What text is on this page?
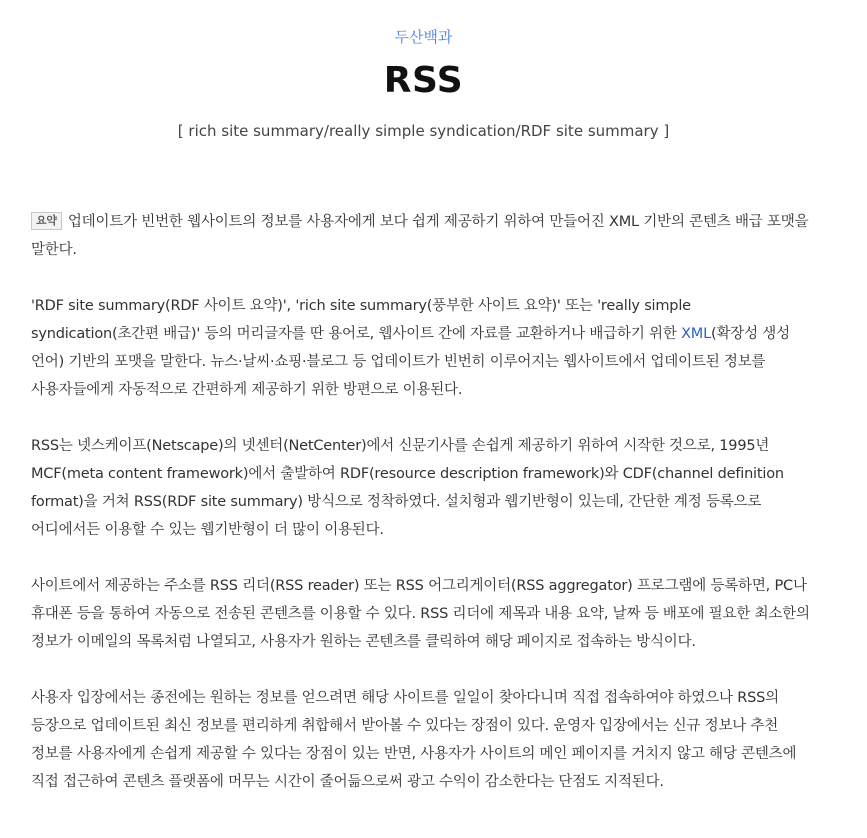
두산백과
RSS
[ rich site summary/really simple syndication/RDF site summary ]

요약 업데이트가 빈번한 웹사이트의 정보를 사용자에게 보다 쉽게 제공하기 위하여 만들어진 XML 기반의 콘텐츠 배급 포맷을 말한다.

'RDF site summary(RDF 사이트 요약)', 'rich site summary(풍부한 사이트 요약)' 또는 'really simple syndication(초간편 배급)' 등의 머리글자를 딴 용어로, 웹사이트 간에 자료를 교환하거나 배급하기 위한 XML(확장성 생성 언어) 기반의 포맷을 말한다. 뉴스·날씨·쇼핑·블로그 등 업데이트가 빈번히 이루어지는 웹사이트에서 업데이트된 정보를 사용자들에게 자동적으로 간편하게 제공하기 위한 방편으로 이용된다.

RSS는 넷스케이프(Netscape)의 넷센터(NetCenter)에서 신문기사를 손쉽게 제공하기 위하여 시작한 것으로, 1995년 MCF(meta content framework)에서 출발하여 RDF(resource description framework)와 CDF(channel definition format)을 거쳐 RSS(RDF site summary) 방식으로 정착하였다. 설치형과 웹기반형이 있는데, 간단한 계정 등록으로 어디에서든 이용할 수 있는 웹기반형이 더 많이 이용된다.

사이트에서 제공하는 주소를 RSS 리더(RSS reader) 또는 RSS 어그리게이터(RSS aggregator) 프로그램에 등록하면, PC나 휴대폰 등을 통하여 자동으로 전송된 콘텐츠를 이용할 수 있다. RSS 리더에 제목과 내용 요약, 날짜 등 배포에 필요한 최소한의 정보가 이메일의 목록처럼 나열되고, 사용자가 원하는 콘텐츠를 클릭하여 해당 페이지로 접속하는 방식이다.

사용자 입장에서는 종전에는 원하는 정보를 얻으려면 해당 사이트를 일일이 찾아다니며 직접 접속하여야 하였으나 RSS의 등장으로 업데이트된 최신 정보를 편리하게 취합해서 받아볼 수 있다는 장점이 있다. 운영자 입장에서는 신규 정보나 추천 정보를 사용자에게 손쉽게 제공할 수 있다는 장점이 있는 반면, 사용자가 사이트의 메인 페이지를 거치지 않고 해당 콘텐츠에 직접 접근하여 콘텐츠 플랫폼에 머무는 시간이 줄어듦으로써 광고 수익이 감소한다는 단점도 지적된다.
